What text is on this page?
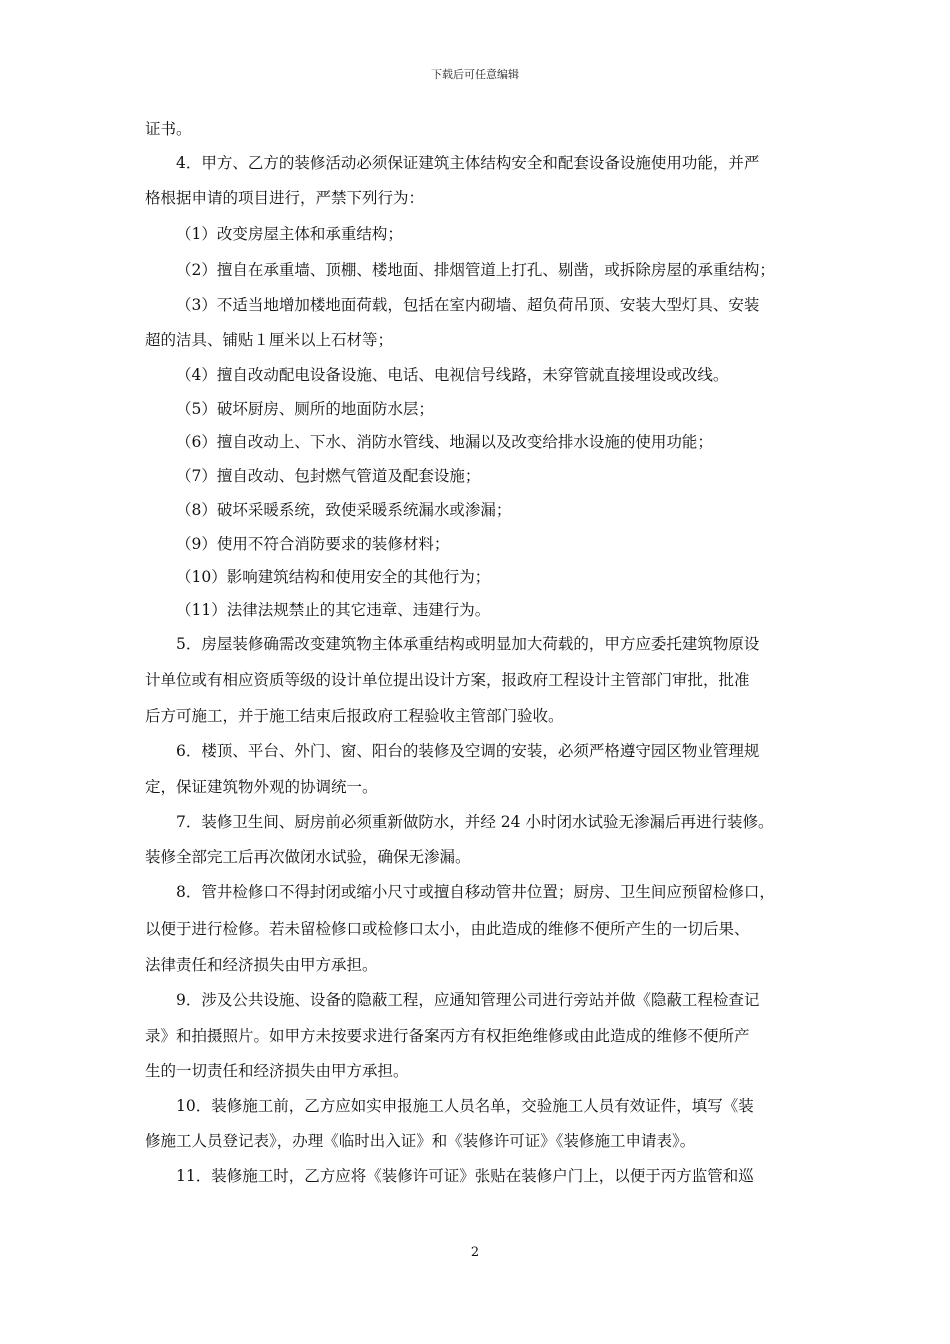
下载后可任意编辑
证书。
4．甲方、乙方的装修活动必须保证建筑主体结构安全和配套设备设施使用功能，并严
格根据申请的项目进行，严禁下列行为：
（1）改变房屋主体和承重结构；
（2）擅自在承重墙、顶棚、楼地面、排烟管道上打孔、剔凿，或拆除房屋的承重结构；
（3）不适当地增加楼地面荷载，包括在室内砌墙、超负荷吊顶、安装大型灯具、安装
超的洁具、铺贴１厘米以上石材等；
（4）擅自改动配电设备设施、电话、电视信号线路，未穿管就直接埋设或改线。
（5）破坏厨房、厕所的地面防水层；
（6）擅自改动上、下水、消防水管线、地漏以及改变给排水设施的使用功能；
（7）擅自改动、包封燃气管道及配套设施；
（8）破坏采暖系统，致使采暖系统漏水或渗漏；
（9）使用不符合消防要求的装修材料；
（10）影响建筑结构和使用安全的其他行为；
（11）法律法规禁止的其它违章、违建行为。
5．房屋装修确需改变建筑物主体承重结构或明显加大荷载的，甲方应委托建筑物原设
计单位或有相应资质等级的设计单位提出设计方案，报政府工程设计主管部门审批，批准
后方可施工，并于施工结束后报政府工程验收主管部门验收。
6．楼顶、平台、外门、窗、阳台的装修及空调的安装，必须严格遵守园区物业管理规
定，保证建筑物外观的协调统一。
7．装修卫生间、厨房前必须重新做防水，并经 24 小时闭水试验无渗漏后再进行装修。
装修全部完工后再次做闭水试验，确保无渗漏。
8．管井检修口不得封闭或缩小尺寸或擅自移动管井位置；厨房、卫生间应预留检修口，
以便于进行检修。若未留检修口或检修口太小，由此造成的维修不便所产生的一切后果、
法律责任和经济损失由甲方承担。
9．涉及公共设施、设备的隐蔽工程，应通知管理公司进行旁站并做《隐蔽工程检查记
录》和拍摄照片。如甲方未按要求进行备案丙方有权拒绝维修或由此造成的维修不便所产
生的一切责任和经济损失由甲方承担。
10．装修施工前，乙方应如实申报施工人员名单，交验施工人员有效证件，填写《装
修施工人员登记表》，办理《临时出入证》和《装修许可证》《装修施工申请表》。
11．装修施工时，乙方应将《装修许可证》张贴在装修户门上，以便于丙方监管和巡
2
